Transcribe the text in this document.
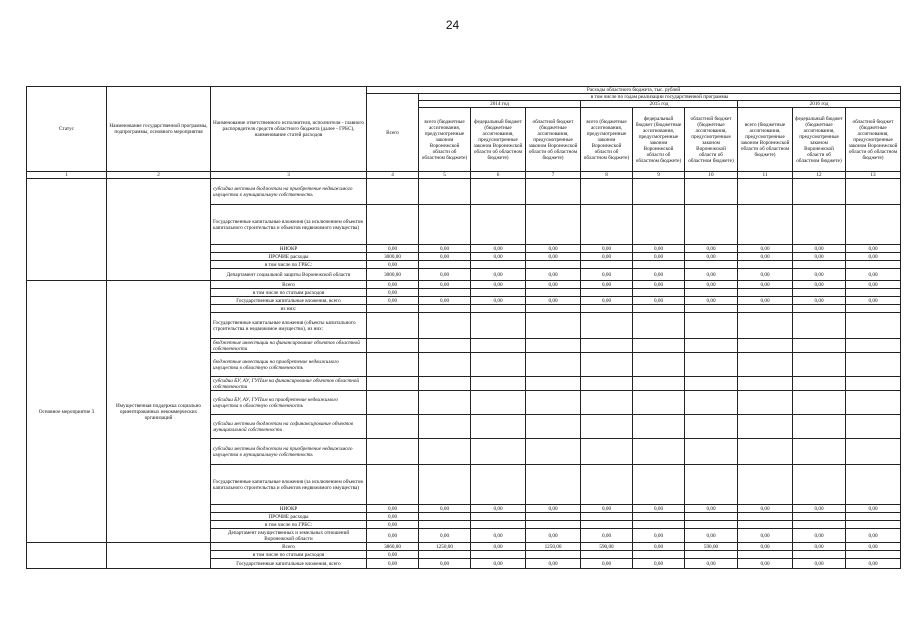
24
Статус	Наименование государственной программы, подпрограммы, основного мероприятия	Наименование ответственного исполнителя, исполнителя - главного распорядителя средств областного бюджета (далее - ГРБС), наименование статей расходов	Расходы областного бюджета, тыс. рублей									
			Всего	в том числе по годам реализации государственной программы								
				2014 год			2015 год			2016 год		
				всего (бюджетные ассигнования, предусмотренные законом Воронежской области об областном бюджете)	федеральный бюджет (бюджетные ассигнования, предусмотренные законом Воронежской области об областном бюджете)	областной бюджет (бюджетные ассигнования, предусмотренные законом Воронежской области об областном бюджете)	всего (бюджетные ассигнования, предусмотренные законом Воронежской области об областном бюджете)	федеральный бюджет (бюджетные ассигнования, предусмотренные законом Воронежской области об областном бюджете)	областной бюджет (бюджетные ассигнования, предусмотренные законом Воронежской области об областном бюджете)	всего (бюджетные ассигнования, предусмотренные законом Воронежской области об областном бюджете)	федеральный бюджет (бюджетные ассигнования, предусмотренные законом Воронежской области об областном бюджете)	областной бюджет (бюджетные ассигнования, предусмотренные законом Воронежской области об областном бюджете)
1	2	3	4	5	6	7	8	9	10	11	12	13
		субсидии местным бюджетам на приобретение недвижимого имущества в муниципальную собственность										
		Государственные капитальные вложения (за исключением объектов капитального строительства и объектов недвижимого имущества)										
		НИОКР	0,00	0,00	0,00	0,00	0,00	0,00	0,00	0,00	0,00	0,00
		ПРОЧИЕ расходы	3000,00	0,00	0,00	0,00	0,00	0,00	0,00	0,00	0,00	0,00
		в том числе по ГРБС:	0,00									
		Департамент социальной защиты Воронежской области	3000,00	0,00	0,00	0,00	0,00	0,00	0,00	0,00	0,00	0,00
Основное мероприятие 3	Имущественная поддержка социально ориентированных некоммерческих организаций	Всего	0,00	0,00	0,00	0,00	0,00	0,00	0,00	0,00	0,00	0,00
		в том числе по статьям расходов	0,00									
		Государственные капитальные вложения, всего	0,00	0,00	0,00	0,00	0,00	0,00	0,00	0,00	0,00	0,00
		из них:										
		Государственные капитальные вложения (объекты капитального строительства и недвижимое имущество), из них:										
		бюджетные инвестиции на финансирование объектов областной собственности										
		бюджетные инвестиции на приобретение недвижимого имущества в областную собственность										
		субсидии БУ, АУ, ГУПам на финансирование объектов областной собственности										
		субсидии БУ, АУ, ГУПам на приобретение недвижимого имущества в областную собственность										
		субсидии местным бюджетам на софинансирование объектов муниципальной собственности										
		субсидии местным бюджетам на приобретение недвижимого имущества в муниципальную собственность										
		Государственные капитальные вложения (за исключением объектов капитального строительства и объектов недвижимого имущества)										
		НИОКР	0,00	0,00	0,00	0,00	0,00	0,00	0,00	0,00	0,00	0,00
		ПРОЧИЕ расходы	0,00									
		в том числе по ГРБС:	0,00									
		Департамент имущественных и земельных отношений Воронежской области	0,00	0,00	0,00	0,00	0,00	0,00	0,00	0,00	0,00	0,00
		Всего	3860,00	1250,00	0,00	1250,00	590,00	0,00	590,00	0,00	0,00	0,00
		в том числе по статьям расходов	0,00									
		Государственные капитальные вложения, всего	0,00	0,00	0,00	0,00	0,00	0,00	0,00	0,00	0,00	0,00
